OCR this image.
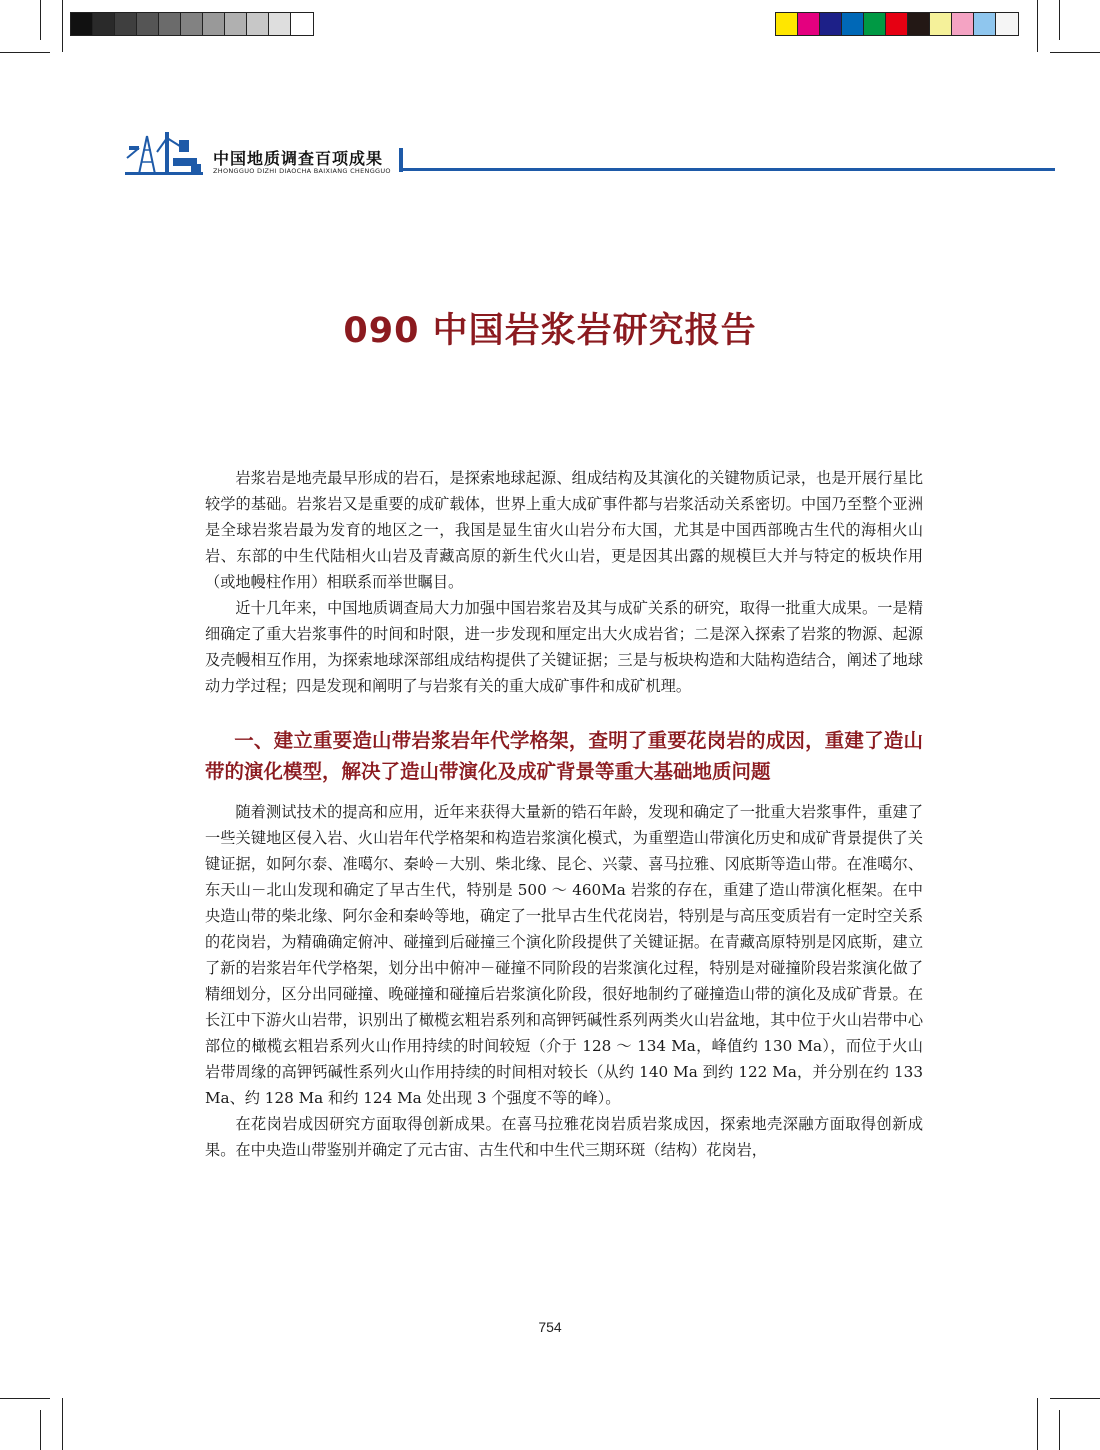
中国地质调查百项成果
ZHONGGUO DIZHI DIAOCHA BAIXIANG CHENGGUO
090 中国岩浆岩研究报告

岩浆岩是地壳最早形成的岩石，是探索地球起源、组成结构及其演化的关键物质记录，也是开展行星比较学的基础。岩浆岩又是重要的成矿载体，世界上重大成矿事件都与岩浆活动关系密切。中国乃至整个亚洲是全球岩浆岩最为发育的地区之一，我国是显生宙火山岩分布大国，尤其是中国西部晚古生代的海相火山岩、东部的中生代陆相火山岩及青藏高原的新生代火山岩，更是因其出露的规模巨大并与特定的板块作用（或地幔柱作用）相联系而举世瞩目。

近十几年来，中国地质调查局大力加强中国岩浆岩及其与成矿关系的研究，取得一批重大成果。一是精细确定了重大岩浆事件的时间和时限，进一步发现和厘定出大火成岩省；二是深入探索了岩浆的物源、起源及壳幔相互作用，为探索地球深部组成结构提供了关键证据；三是与板块构造和大陆构造结合，阐述了地球动力学过程；四是发现和阐明了与岩浆有关的重大成矿事件和成矿机理。

一、建立重要造山带岩浆岩年代学格架，查明了重要花岗岩的成因，重建了造山带的演化模型，解决了造山带演化及成矿背景等重大基础地质问题

随着测试技术的提高和应用，近年来获得大量新的锆石年龄，发现和确定了一批重大岩浆事件，重建了一些关键地区侵入岩、火山岩年代学格架和构造岩浆演化模式，为重塑造山带演化历史和成矿背景提供了关键证据，如阿尔泰、准噶尔、秦岭－大别、柴北缘、昆仑、兴蒙、喜马拉雅、冈底斯等造山带。在准噶尔、东天山－北山发现和确定了早古生代，特别是 500 ～ 460Ma 岩浆的存在，重建了造山带演化框架。在中央造山带的柴北缘、阿尔金和秦岭等地，确定了一批早古生代花岗岩，特别是与高压变质岩有一定时空关系的花岗岩，为精确确定俯冲、碰撞到后碰撞三个演化阶段提供了关键证据。在青藏高原特别是冈底斯，建立了新的岩浆岩年代学格架，划分出中俯冲－碰撞不同阶段的岩浆演化过程，特别是对碰撞阶段岩浆演化做了精细划分，区分出同碰撞、晚碰撞和碰撞后岩浆演化阶段，很好地制约了碰撞造山带的演化及成矿背景。在长江中下游火山岩带，识别出了橄榄玄粗岩系列和高钾钙碱性系列两类火山岩盆地，其中位于火山岩带中心部位的橄榄玄粗岩系列火山作用持续的时间较短（介于 128 ～ 134 Ma，峰值约 130 Ma），而位于火山岩带周缘的高钾钙碱性系列火山作用持续的时间相对较长（从约 140 Ma 到约 122 Ma，并分别在约 133 Ma、约 128 Ma 和约 124 Ma 处出现 3 个强度不等的峰）。

在花岗岩成因研究方面取得创新成果。在喜马拉雅花岗岩质岩浆成因，探索地壳深融方面取得创新成果。在中央造山带鉴别并确定了元古宙、古生代和中生代三期环斑（结构）花岗岩，

754
